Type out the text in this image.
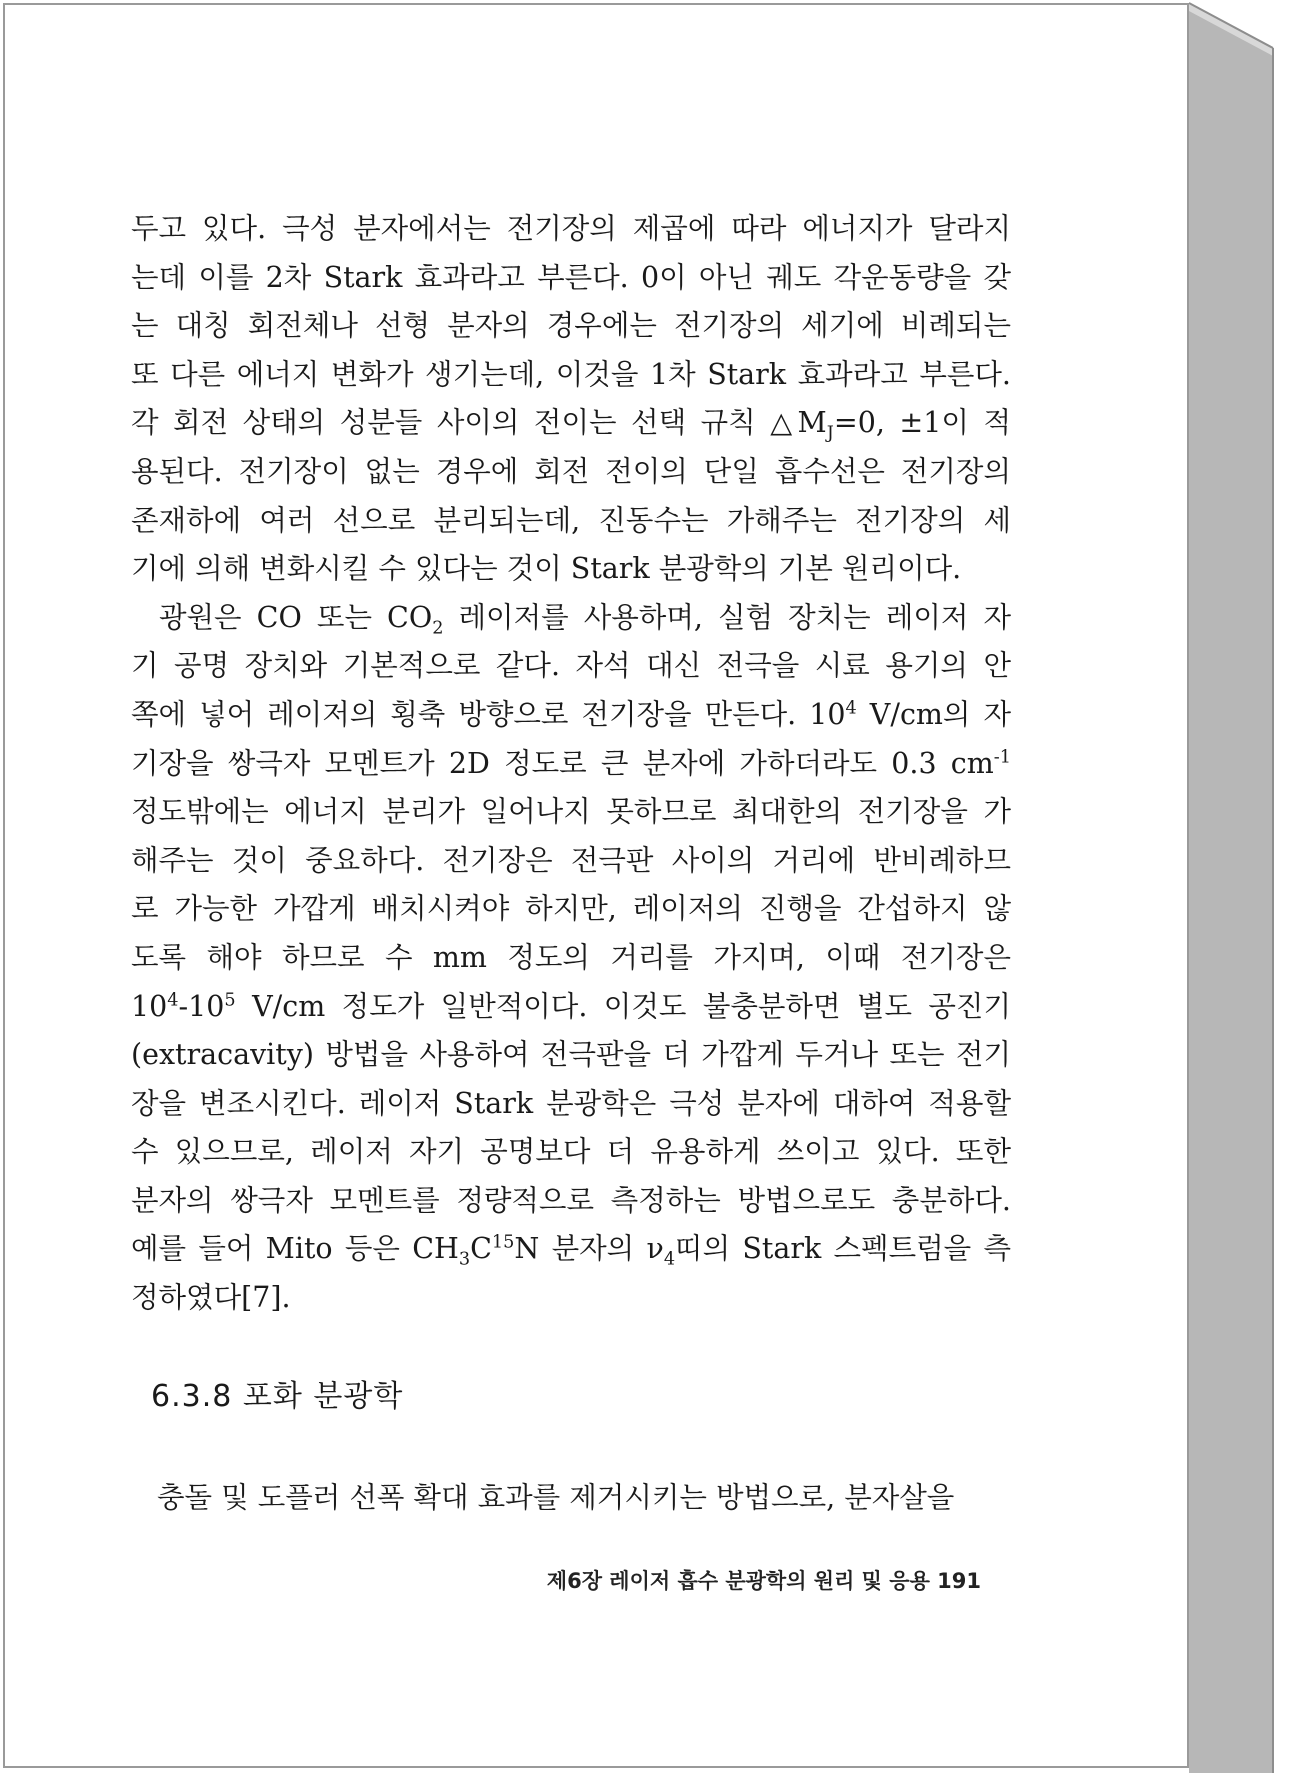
두고 있다. 극성 분자에서는 전기장의 제곱에 따라 에너지가 달라지
는데 이를 2차 Stark 효과라고 부른다. 0이 아닌 궤도 각운동량을 갖
는 대칭 회전체나 선형 분자의 경우에는 전기장의 세기에 비례되는
또 다른 에너지 변화가 생기는데, 이것을 1차 Stark 효과라고 부른다.
각 회전 상태의 성분들 사이의 전이는 선택 규칙 $\triangle M_J=0$, ±1이 적
용된다. 전기장이 없는 경우에 회전 전이의 단일 흡수선은 전기장의
존재하에 여러 선으로 분리되는데, 진동수는 가해주는 전기장의 세
기에 의해 변화시킬 수 있다는 것이 Stark 분광학의 기본 원리이다.
광원은 CO 또는 $CO_2$ 레이저를 사용하며, 실험 장치는 레이저 자
기 공명 장치와 기본적으로 같다. 자석 대신 전극을 시료 용기의 안
쪽에 넣어 레이저의 횡축 방향으로 전기장을 만든다. $10^4$ V/cm의 자
기장을 쌍극자 모멘트가 2D 정도로 큰 분자에 가하더라도 0.3 $cm^{-1}$
정도밖에는 에너지 분리가 일어나지 못하므로 최대한의 전기장을 가
해주는 것이 중요하다. 전기장은 전극판 사이의 거리에 반비례하므
로 가능한 가깝게 배치시켜야 하지만, 레이저의 진행을 간섭하지 않
도록 해야 하므로 수 mm 정도의 거리를 가지며, 이때 전기장은
$10^4-10^5$ V/cm 정도가 일반적이다. 이것도 불충분하면 별도 공진기
(extracavity) 방법을 사용하여 전극판을 더 가깝게 두거나 또는 전기
장을 변조시킨다. 레이저 Stark 분광학은 극성 분자에 대하여 적용할
수 있으므로, 레이저 자기 공명보다 더 유용하게 쓰이고 있다. 또한
분자의 쌍극자 모멘트를 정량적으로 측정하는 방법으로도 충분하다.
예를 들어 Mito 등은 $CH_3C^{15}N$ 분자의 $\nu_4$띠의 Stark 스펙트럼을 측
정하였다[7].
6.3.8 포화 분광학
충돌 및 도플러 선폭 확대 효과를 제거시키는 방법으로, 분자살을
제6장 레이저 흡수 분광학의 원리 및 응용 191
